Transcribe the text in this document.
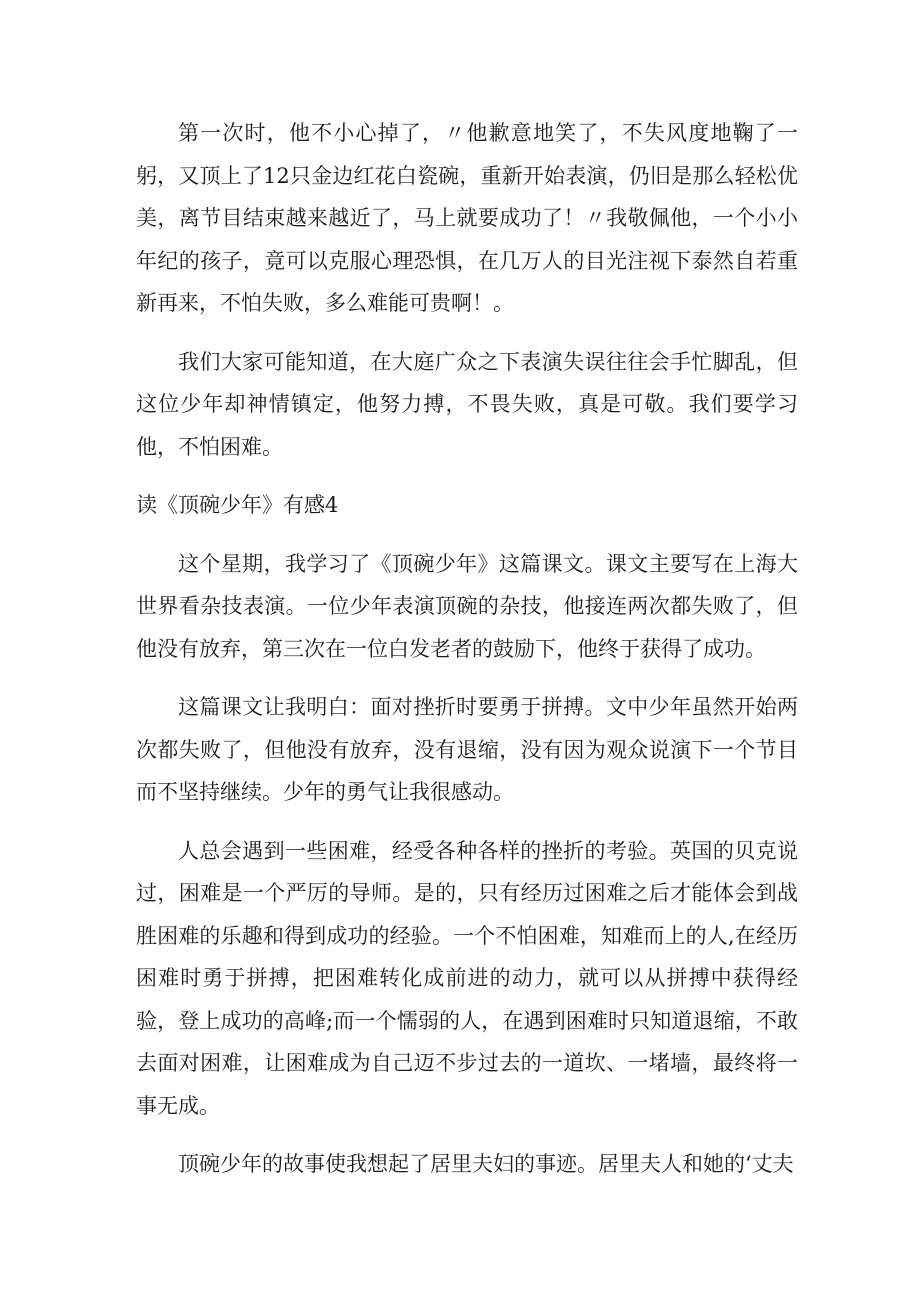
第一次时，他不小心掉了，〃他歉意地笑了，不失风度地鞠了一躬，又顶上了12只金边红花白瓷碗，重新开始表演，仍旧是那么轻松优美，离节目结束越来越近了，马上就要成功了！〃我敬佩他，一个小小年纪的孩子，竟可以克服心理恐惧，在几万人的目光注视下泰然自若重新再来，不怕失败，多么难能可贵啊！。

我们大家可能知道，在大庭广众之下表演失误往往会手忙脚乱，但这位少年却神情镇定，他努力搏，不畏失败，真是可敬。我们要学习他，不怕困难。

读《顶碗少年》有感4

这个星期，我学习了《顶碗少年》这篇课文。课文主要写在上海大世界看杂技表演。一位少年表演顶碗的杂技，他接连两次都失败了，但他没有放弃，第三次在一位白发老者的鼓励下，他终于获得了成功。

这篇课文让我明白：面对挫折时要勇于拼搏。文中少年虽然开始两次都失败了，但他没有放弃，没有退缩，没有因为观众说演下一个节目而不坚持继续。少年的勇气让我很感动。

人总会遇到一些困难，经受各种各样的挫折的考验。英国的贝克说过，困难是一个严厉的导师。是的，只有经历过困难之后才能体会到战胜困难的乐趣和得到成功的经验。一个不怕困难，知难而上的人,在经历困难时勇于拼搏，把困难转化成前进的动力，就可以从拼搏中获得经验，登上成功的高峰;而一个懦弱的人，在遇到困难时只知道退缩，不敢去面对困难，让困难成为自己迈不步过去的一道坎、一堵墙，最终将一事无成。

顶碗少年的故事使我想起了居里夫妇的事迹。居里夫人和她的‘丈夫
